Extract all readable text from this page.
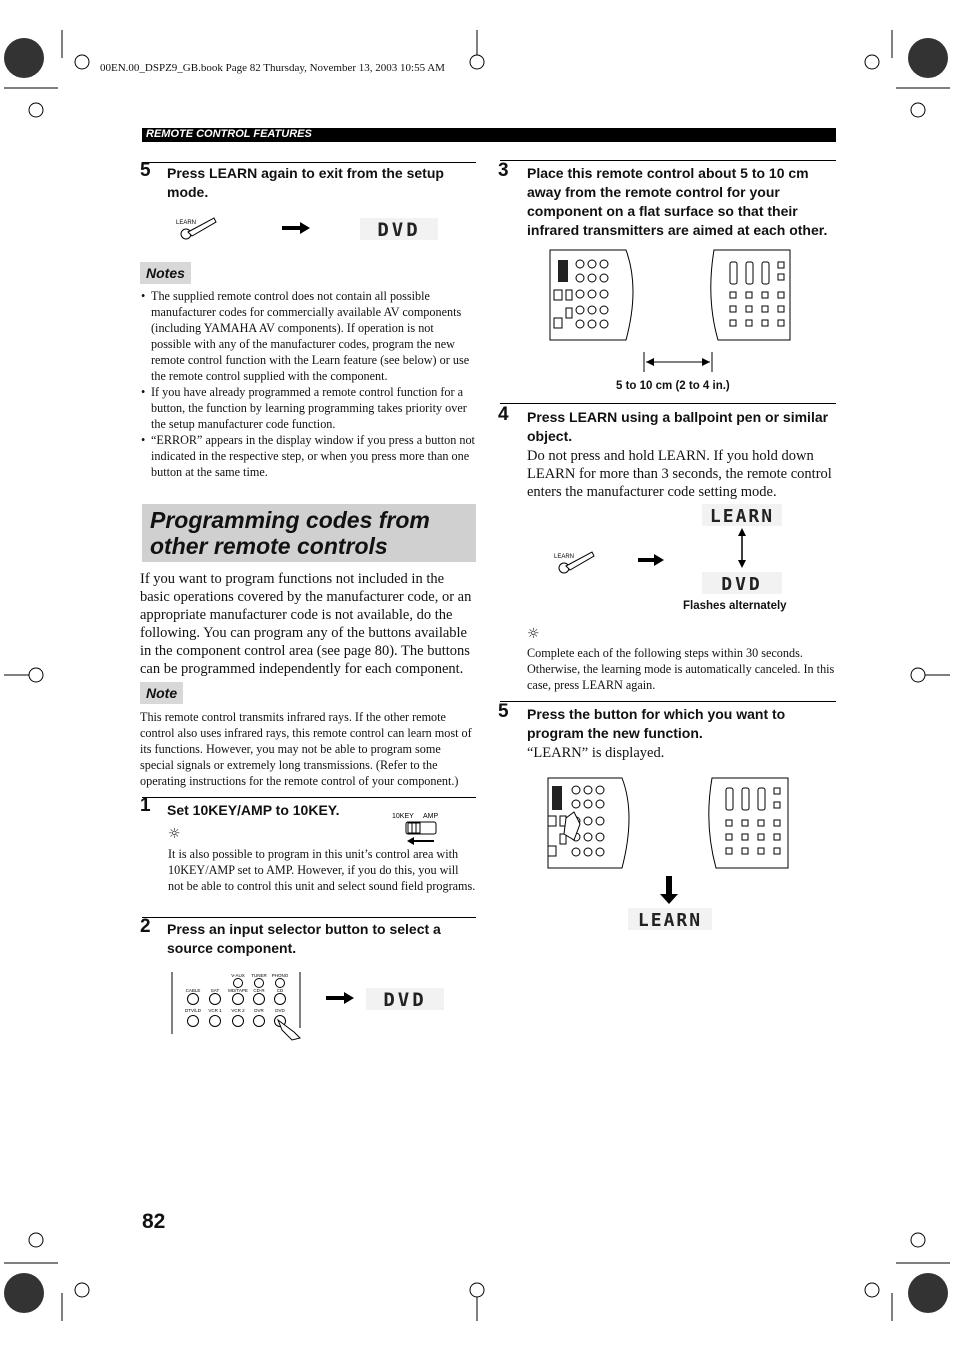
00EN.00_DSPZ9_GB.book Page 82 Thursday, November 13, 2003 10:55 AM
REMOTE CONTROL FEATURES
5 Press LEARN again to exit from the setup mode.
LEARN	DVD
Notes
• The supplied remote control does not contain all possible manufacturer codes for commercially available AV components (including YAMAHA AV components). If operation is not possible with any of the manufacturer codes, program the new remote control function with the Learn feature (see below) or use the remote control supplied with the component.
• If you have already programmed a remote control function for a button, the function by learning programming takes priority over the setup manufacturer code function.
• “ERROR” appears in the display window if you press a button not indicated in the respective step, or when you press more than one button at the same time.
Programming codes from other remote controls
If you want to program functions not included in the basic operations covered by the manufacturer code, or an appropriate manufacturer code is not available, do the following. You can program any of the buttons available in the component control area (see page 80). The buttons can be programmed independently for each component.
Note
This remote control transmits infrared rays. If the other remote control also uses infrared rays, this remote control can learn most of its functions. However, you may not be able to program some special signals or extremely long transmissions. (Refer to the operating instructions for the remote control of your component.)
1 Set 10KEY/AMP to 10KEY.	10KEY AMP
☼
It is also possible to program in this unit’s control area with 10KEY/AMP set to AMP. However, if you do this, you will not be able to control this unit and select sound field programs.
2 Press an input selector button to select a source component.
V-AUX TUNER PHONO
CABLE SAT MD/TAPE CD-R	CD
DTV/LD VCR 1 VCR 2 DVR	DVD	DVD
3 Place this remote control about 5 to 10 cm away from the remote control for your component on a flat surface so that their infrared transmitters are aimed at each other.
5 to 10 cm (2 to 4 in.)
4 Press LEARN using a ballpoint pen or similar object.
Do not press and hold LEARN. If you hold down LEARN for more than 3 seconds, the remote control enters the manufacturer code setting mode.
LEARN
LEARN
DVD
Flashes alternately
☼
Complete each of the following steps within 30 seconds. Otherwise, the learning mode is automatically canceled. In this case, press LEARN again.
5 Press the button for which you want to program the new function.
“LEARN” is displayed.
LEARN
82
